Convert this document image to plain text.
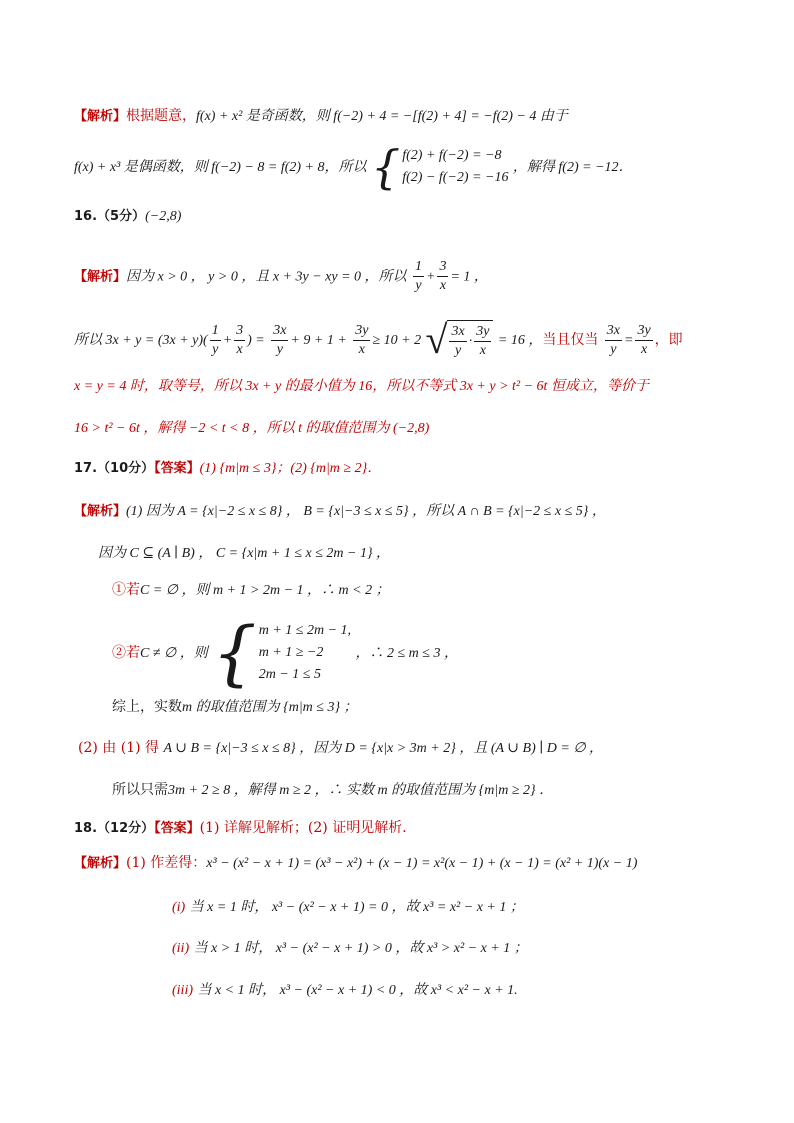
【解析】根据题意，f(x) + x² 是奇函数，则 f(−2) + 4 = −[f(2) + 4] = −f(2) − 4 由于
f(x) + x³ 是偶函数，则 f(−2) − 8 = f(2) + 8，所以 { f(2) + f(−2) = −8
f(2) − f(−2) = −16
，解得 f(2) = −12．
16.（5分）(−2,8)
【解析】因为 x > 0 ， y > 0 ，且 x + 3y − xy = 0 ，所以 $\frac{1}{y} + \frac{3}{x} = 1$ ，
所以 $3x + y = (3x + y)( \frac{1}{y} + \frac{3}{x}$ ) = $\frac{3x}{y} + 9 + 1 + \frac{3y}{x} \ge 10 + 2$ √ $\frac{3x}{y} \cdot \frac{3y}{x} = 16$ ，当且仅当 $\frac{3x}{y} = \frac{3y}{x}$ ，即
x = y = 4 时，取等号，所以 3x + y 的最小值为 16，所以不等式 3x + y > t² − 6t 恒成立，等价于
16 > t² − 6t ，解得 −2 < t < 8 ，所以 t 的取值范围为 (−2,8)
17.（10分）【答案】(1) {m|m ≤ 3}；(2) {m|m ≥ 2}．
【解析】(1) 因为 A = {x|−2 ≤ x ≤ 8} ， B = {x|−3 ≤ x ≤ 5} ，所以 A ∩ B = {x|−2 ≤ x ≤ 5} ，
因为 C ⊆ (A ∣ B) ， C = {x|m + 1 ≤ x ≤ 2m − 1} ，
①若C = ∅ ，则 m + 1 > 2m − 1 ，∴ m < 2 ；
②若C ≠ ∅ ，则 { m + 1 ≤ 2m − 1,
m + 1 ≥ −2
2m − 1 ≤ 5
，∴ 2 ≤ m ≤ 3 ，
综上，实数m 的取值范围为 {m|m ≤ 3} ；
(2) 由 (1) 得 A ∪ B = {x|−3 ≤ x ≤ 8} ，因为 D = {x|x > 3m + 2} ，且 (A ∪ B) ∣ D = ∅ ，
所以只需3m + 2 ≥ 8 ，解得 m ≥ 2 ，∴ 实数 m 的取值范围为 {m|m ≥ 2} ．
18.（12分）【答案】(1) 详解见解析；(2) 证明见解析．
【解析】(1) 作差得：x³ − (x² − x + 1) = (x³ − x²) + (x − 1) = x²(x − 1) + (x − 1) = (x² + 1)(x − 1)
(i) 当 x = 1 时， x³ − (x² − x + 1) = 0 ，故 x³ = x² − x + 1 ；
(ii) 当 x > 1 时， x³ − (x² − x + 1) > 0 ，故 x³ > x² − x + 1 ；
(iii) 当 x < 1 时， x³ − (x² − x + 1) < 0 ，故 x³ < x² − x + 1.
